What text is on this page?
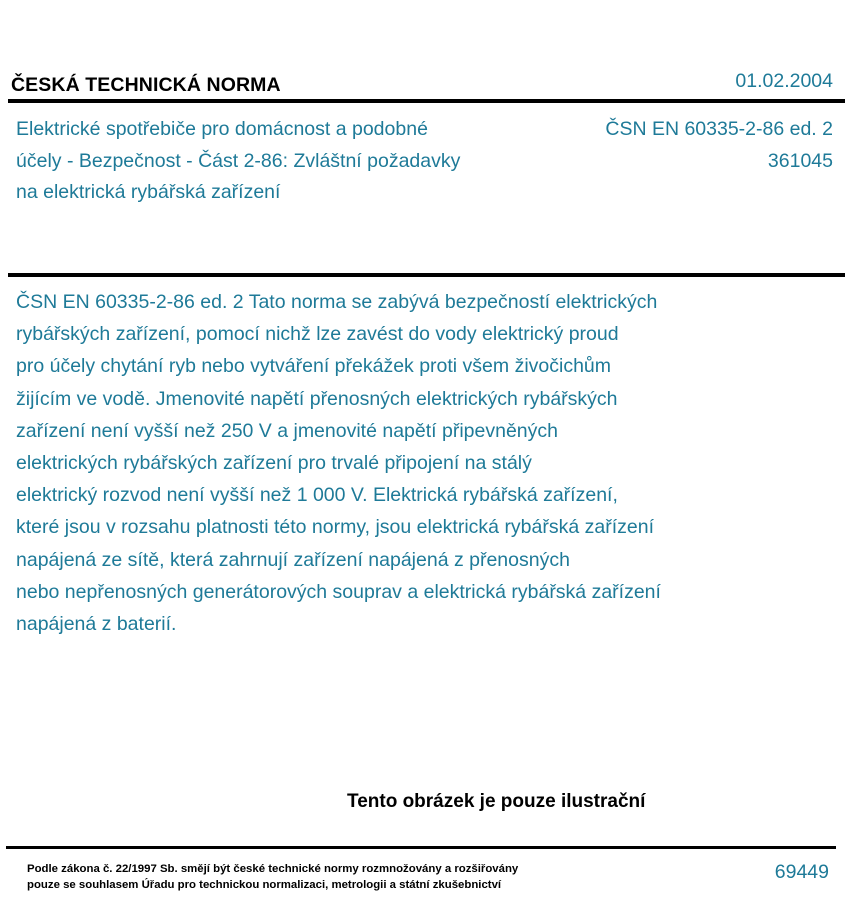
ČESKÁ TECHNICKÁ NORMA	01.02.2004
Elektrické spotřebiče pro domácnost a podobné
účely - Bezpečnost - Část 2-86: Zvláštní požadavky
na elektrická rybářská zařízení
ČSN EN 60335-2-86 ed. 2
361045
ČSN EN 60335-2-86 ed. 2 Tato norma se zabývá bezpečností elektrických
rybářských zařízení, pomocí nichž lze zavést do vody elektrický proud
pro účely chytání ryb nebo vytváření překážek proti všem živočichům
žijícím ve vodě. Jmenovité napětí přenosných elektrických rybářských
zařízení není vyšší než 250 V a jmenovité napětí připevněných
elektrických rybářských zařízení pro trvalé připojení na stálý
elektrický rozvod není vyšší než 1 000 V. Elektrická rybářská zařízení,
které jsou v rozsahu platnosti této normy, jsou elektrická rybářská zařízení
napájená ze sítě, která zahrnují zařízení napájená z přenosných
nebo nepřenosných generátorových souprav a elektrická rybářská zařízení
napájená z baterií.
Tento obrázek je pouze ilustrační
Podle zákona č. 22/1997 Sb. smějí být české technické normy rozmnožovány a rozšiřovány
pouze se souhlasem Úřadu pro technickou normalizaci, metrologii a státní zkušebnictví
69449
